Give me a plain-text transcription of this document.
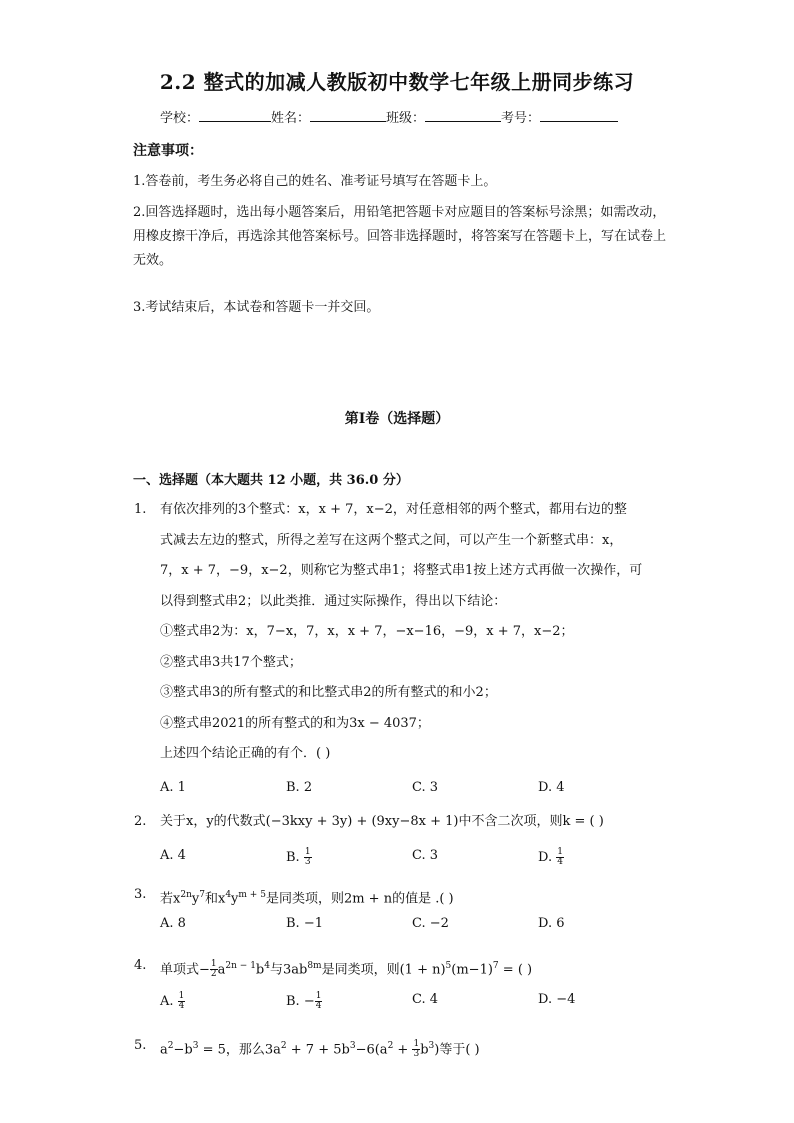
2.2 整式的加减人教版初中数学七年级上册同步练习
学校：	姓名：	班级：	考号：
注意事项：
1.答卷前，考生务必将自己的姓名、准考证号填写在答题卡上。
2.回答选择题时，选出每小题答案后，用铅笔把答题卡对应题目的答案标号涂黑；如需改动，用橡皮擦干净后，再选涂其他答案标号。回答非选择题时，将答案写在答题卡上，写在试卷上无效。
3.考试结束后，本试卷和答题卡一并交回。
第Ⅰ卷（选择题）
一、选择题（本大题共 12 小题，共 36.0 分）
1. 有依次排列的3个整式：x，x + 7，x−2，对任意相邻的两个整式，都用右边的整
式减去左边的整式，所得之差写在这两个整式之间，可以产生一个新整式串：x，
7，x + 7，−9，x−2，则称它为整式串1；将整式串1按上述方式再做一次操作，可
以得到整式串2；以此类推．通过实际操作，得出以下结论：
①整式串2为：x，7−x，7，x，x + 7，−x−16，−9，x + 7，x−2；
②整式串3共17个整式；
③整式串3的所有整式的和比整式串2的所有整式的和小2；
④整式串2021的所有整式的和为3x − 4037；
上述四个结论正确的有个．( )
A. 1	B. 2	C. 3	D. 4
2. 关于x，y的代数式(−3kxy + 3y) + (9xy−8x + 1)中不含二次项，则k = ( )
A. 4	B. $\frac{1}{3}$	C. 3	D. $\frac{1}{4}$
3. 若$x^{2n}y^7$和$x^4y^{m + 5}$是同类项，则2m + n的值是 .( )
A. 8	B. −1	C. −2	D. 6
4. 单项式− $\frac{1}{2} a^{2n - 1}b^4$与$3ab^{8m}$是同类项，则$(1 + n)^5(m-1)^7$ = ( )
A. $\frac{1}{4}$	B. − $\frac{1}{4}$	C. 4	D. −4
5. $a^2-b^3 = 5$，那么$3a^2 + 7 + 5b^3-6(a^2 + \frac{1}{3} b^3)$等于( )
